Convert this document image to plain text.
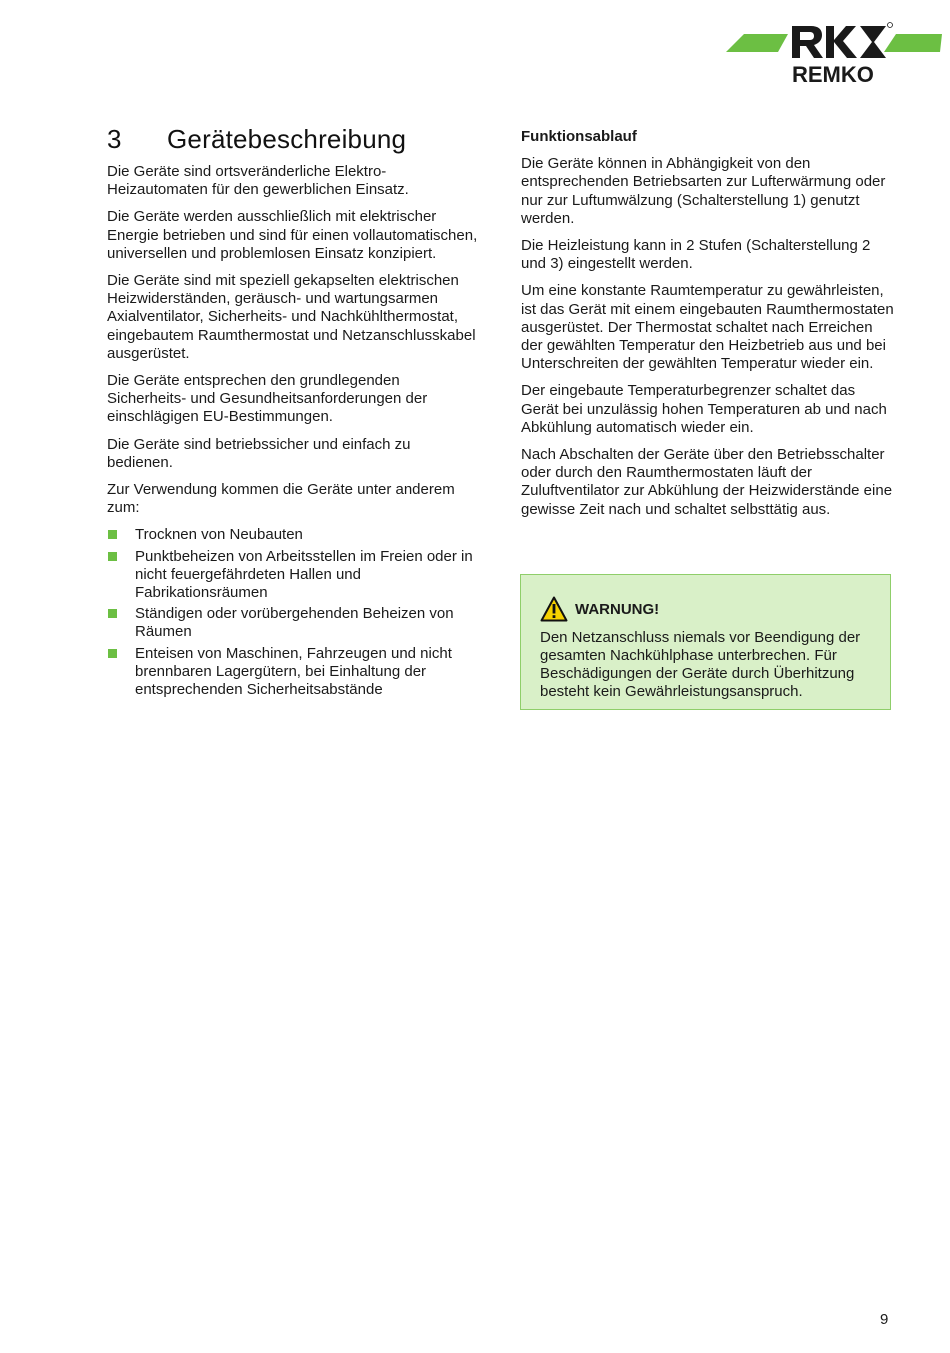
REMKO
3 Gerätebeschreibung

Die Geräte sind ortsveränderliche Elektro-Heizautomaten für den gewerblichen Einsatz.

Die Geräte werden ausschließlich mit elektrischer Energie betrieben und sind für einen vollautomatischen, universellen und problemlosen Einsatz konzipiert.

Die Geräte sind mit speziell gekapselten elektrischen Heizwiderständen, geräusch- und wartungsarmen Axialventilator, Sicherheits- und Nachkühlthermostat, eingebautem Raumthermostat und Netzanschlusskabel ausgerüstet.

Die Geräte entsprechen den grundlegenden Sicherheits- und Gesundheitsanforderungen der einschlägigen EU-Bestimmungen.

Die Geräte sind betriebssicher und einfach zu bedienen.

Zur Verwendung kommen die Geräte unter anderem zum:

Trocknen von Neubauten
Punktbeheizen von Arbeitsstellen im Freien oder in nicht feuergefährdeten Hallen und Fabrikationsräumen
Ständigen oder vorübergehenden Beheizen von Räumen
Enteisen von Maschinen, Fahrzeugen und nicht brennbaren Lagergütern, bei Einhaltung der entsprechenden Sicherheitsabstände
Funktionsablauf

Die Geräte können in Abhängigkeit von den entsprechenden Betriebsarten zur Lufterwärmung oder nur zur Luftumwälzung (Schalterstellung 1) genutzt werden.

Die Heizleistung kann in 2 Stufen (Schalterstellung 2 und 3) eingestellt werden.

Um eine konstante Raumtemperatur zu gewährleisten, ist das Gerät mit einem eingebauten Raumthermostaten ausgerüstet. Der Thermostat schaltet nach Erreichen der gewählten Temperatur den Heizbetrieb aus und bei Unterschreiten der gewählten Temperatur wieder ein.

Der eingebaute Temperaturbegrenzer schaltet das Gerät bei unzulässig hohen Temperaturen ab und nach Abkühlung automatisch wieder ein.

Nach Abschalten der Geräte über den Betriebsschalter oder durch den Raumthermostaten läuft der Zuluftventilator zur Abkühlung der Heizwiderstände eine gewisse Zeit nach und schaltet selbsttätig aus.

WARNUNG!

Den Netzanschluss niemals vor Beendigung der gesamten Nachkühlphase unterbrechen. Für Beschädigungen der Geräte durch Überhitzung besteht kein Gewährleistungsanspruch.

9
